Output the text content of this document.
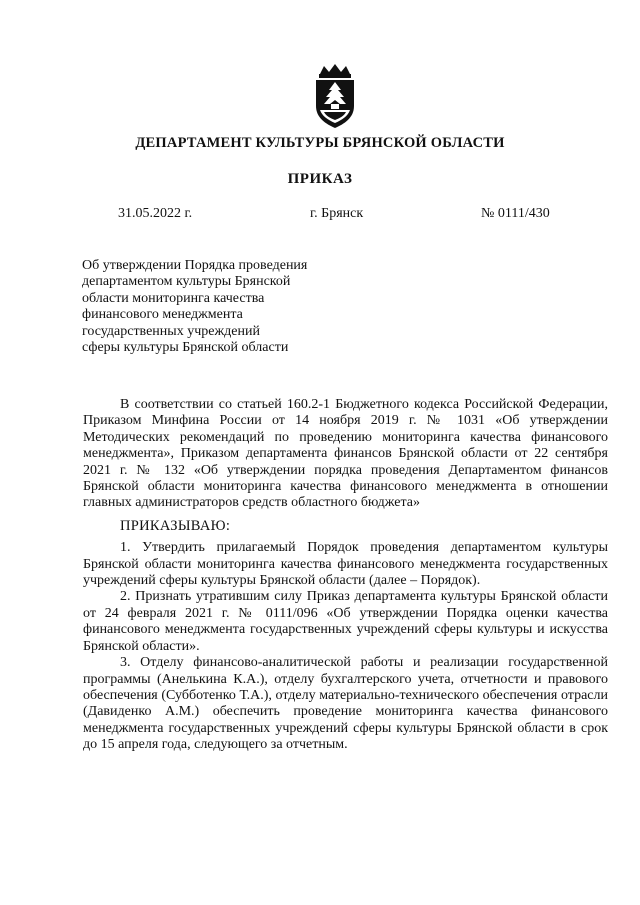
ДЕПАРТАМЕНТ КУЛЬТУРЫ БРЯНСКОЙ ОБЛАСТИ
ПРИКАЗ
31.05.2022 г.	г. Брянск	№ 0111/430
Об утверждении Порядка проведения
департаментом культуры Брянской
области мониторинга качества
финансового менеджмента
государственных учреждений
сферы культуры Брянской области

В соответствии со статьей 160.2-1 Бюджетного кодекса Российской Федерации, Приказом Минфина России от 14 ноября 2019 г. № 1031 «Об утверждении Методических рекомендаций по проведению мониторинга качества финансового менеджмента», Приказом департамента финансов Брянской области от 22 сентября 2021 г. № 132 «Об утверждении порядка проведения Департаментом финансов Брянской области мониторинга качества финансового менеджмента в отношении главных администраторов средств областного бюджета»

ПРИКАЗЫВАЮ:

1. Утвердить прилагаемый Порядок проведения департаментом культуры Брянской области мониторинга качества финансового менеджмента государственных учреждений сферы культуры Брянской области (далее – Порядок).

2. Признать утратившим силу Приказ департамента культуры Брянской области от 24 февраля 2021 г. № 0111/096 «Об утверждении Порядка оценки качества финансового менеджмента государственных учреждений сферы культуры и искусства Брянской области».

3. Отделу финансово-аналитической работы и реализации государственной программы (Анелькина К.А.), отделу бухгалтерского учета, отчетности и правового обеспечения (Субботенко Т.А.), отделу материально-технического обеспечения отрасли (Давиденко А.М.) обеспечить проведение мониторинга качества финансового менеджмента государственных учреждений сферы культуры Брянской области в срок до 15 апреля года, следующего за отчетным.
